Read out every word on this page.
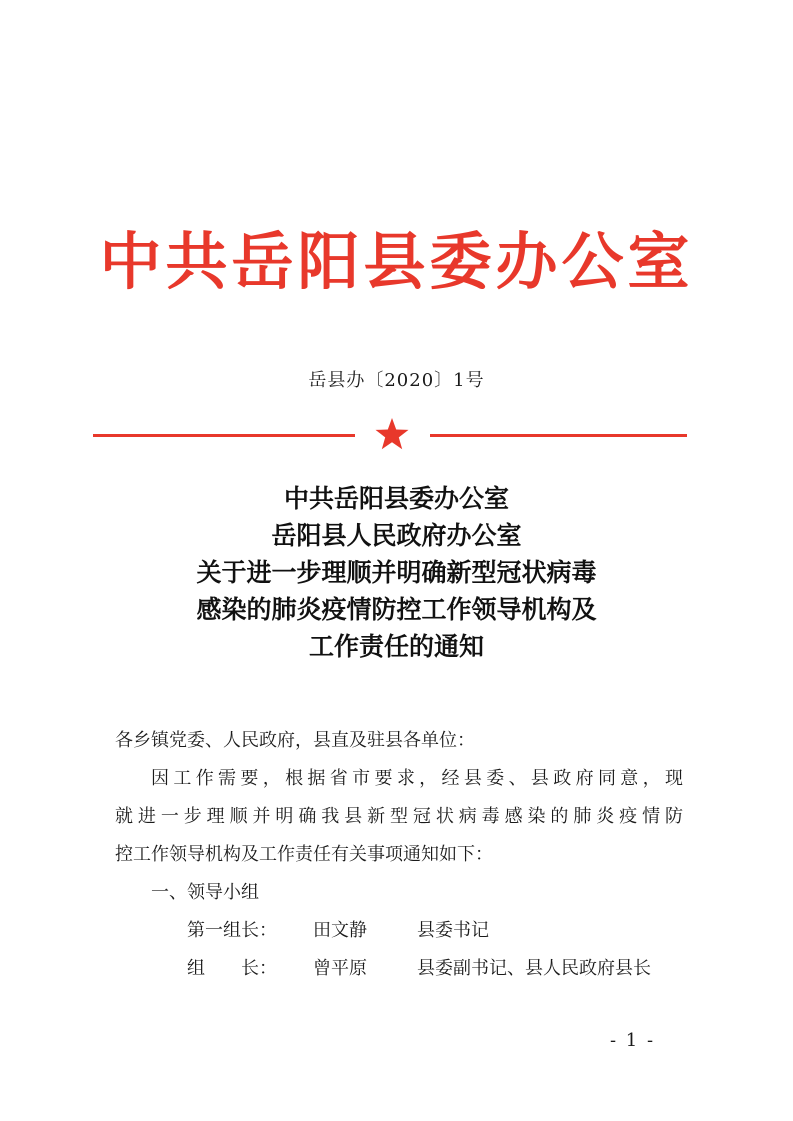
中共岳阳县委办公室
岳县办〔2020〕1号
中共岳阳县委办公室
岳阳县人民政府办公室
关于进一步理顺并明确新型冠状病毒
感染的肺炎疫情防控工作领导机构及
工作责任的通知

各乡镇党委、人民政府，县直及驻县各单位：

因工作需要，根据省市要求，经县委、县政府同意，现

就进一步理顺并明确我县新型冠状病毒感染的肺炎疫情防

控工作领导机构及工作责任有关事项通知如下：

一、领导小组

第一组长： 田文静	县委书记

组　　长： 曾平原	县委副书记、县人民政府县长

- 1 -
